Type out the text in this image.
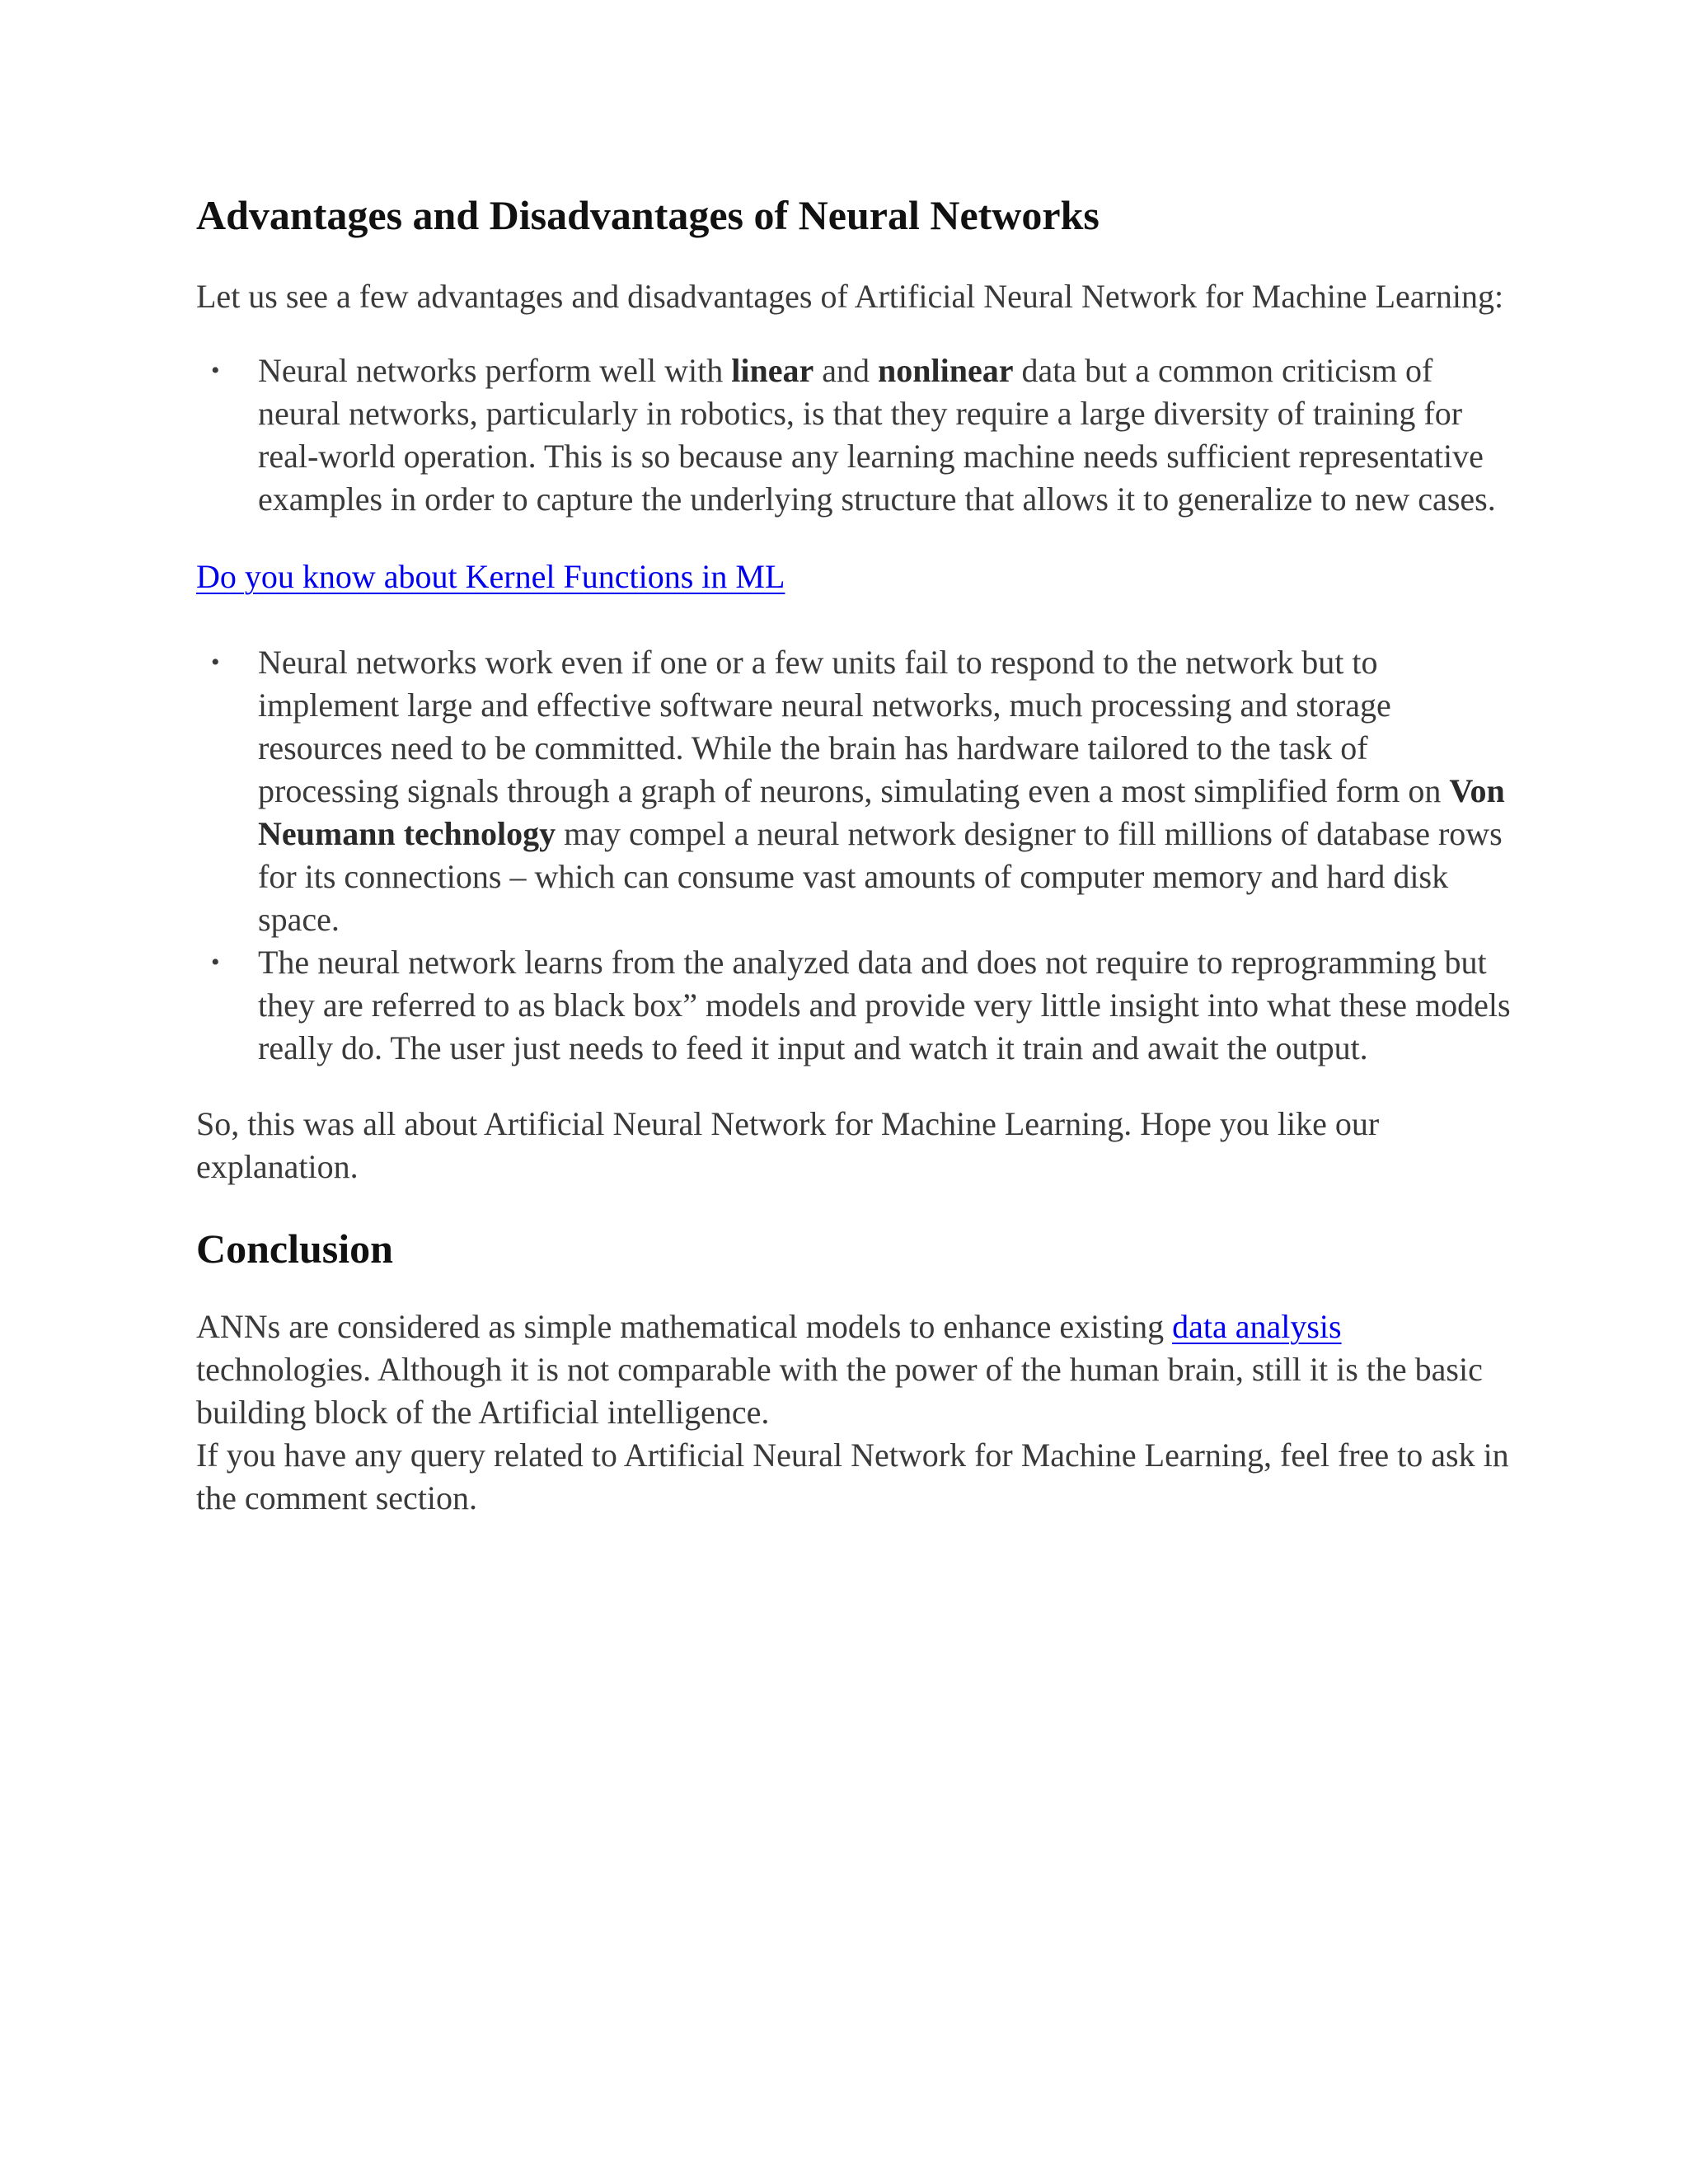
Advantages and Disadvantages of Neural Networks

Let us see a few advantages and disadvantages of Artificial Neural Network for Machine Learning:

• Neural networks perform well with linear and nonlinear data but a common criticism of neural networks, particularly in robotics, is that they require a large diversity of training for real-world operation. This is so because any learning machine needs sufficient representative examples in order to capture the underlying structure that allows it to generalize to new cases.

Do you know about Kernel Functions in ML

• Neural networks work even if one or a few units fail to respond to the network but to implement large and effective software neural networks, much processing and storage resources need to be committed. While the brain has hardware tailored to the task of processing signals through a graph of neurons, simulating even a most simplified form on Von Neumann technology may compel a neural network designer to fill millions of database rows for its connections – which can consume vast amounts of computer memory and hard disk space.
• The neural network learns from the analyzed data and does not require to reprogramming but they are referred to as black box” models and provide very little insight into what these models really do. The user just needs to feed it input and watch it train and await the output.

So, this was all about Artificial Neural Network for Machine Learning. Hope you like our explanation.

Conclusion

ANNs are considered as simple mathematical models to enhance existing data analysis technologies. Although it is not comparable with the power of the human brain, still it is the basic building block of the Artificial intelligence.

If you have any query related to Artificial Neural Network for Machine Learning, feel free to ask in the comment section.
